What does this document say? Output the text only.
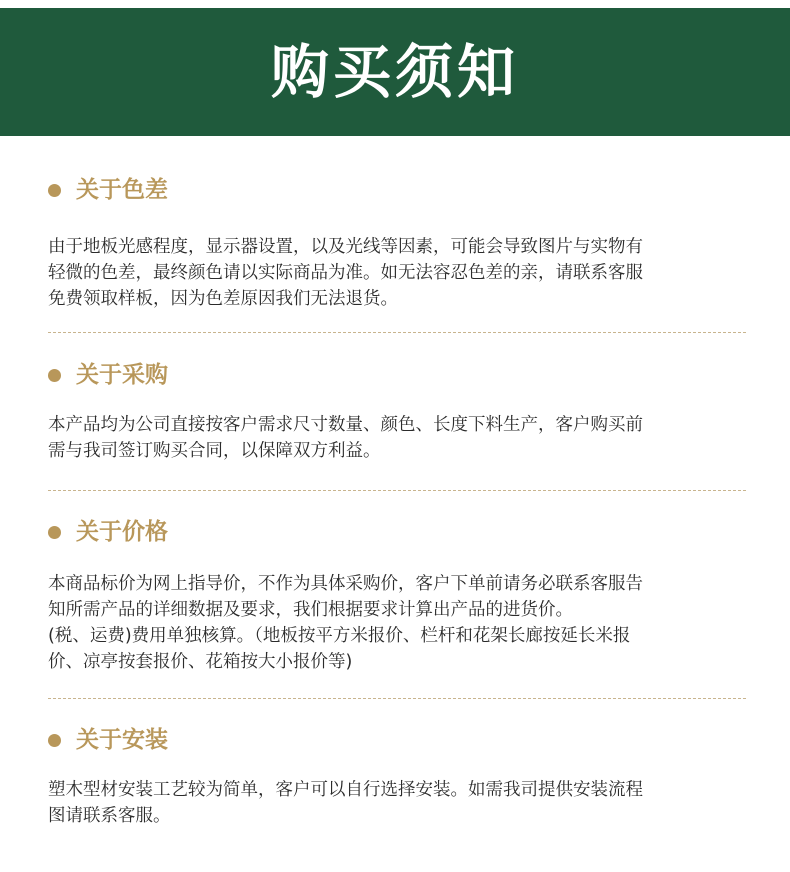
购买须知
关于色差
由于地板光感程度，显示器设置，以及光线等因素，可能会导致图片与实物有
轻微的色差，最终颜色请以实际商品为准。如无法容忍色差的亲，请联系客服
免费领取样板，因为色差原因我们无法退货。
关于采购
本产品均为公司直接按客户需求尺寸数量、颜色、长度下料生产，客户购买前
需与我司签订购买合同，以保障双方利益。
关于价格
本商品标价为网上指导价，不作为具体采购价，客户下单前请务必联系客服告
知所需产品的详细数据及要求，我们根据要求计算出产品的进货价。
(税、运费)费用单独核算。（地板按平方米报价、栏杆和花架长廊按延长米报
价、凉亭按套报价、花箱按大小报价等)
关于安装
塑木型材安装工艺较为简单，客户可以自行选择安装。如需我司提供安装流程
图请联系客服。
